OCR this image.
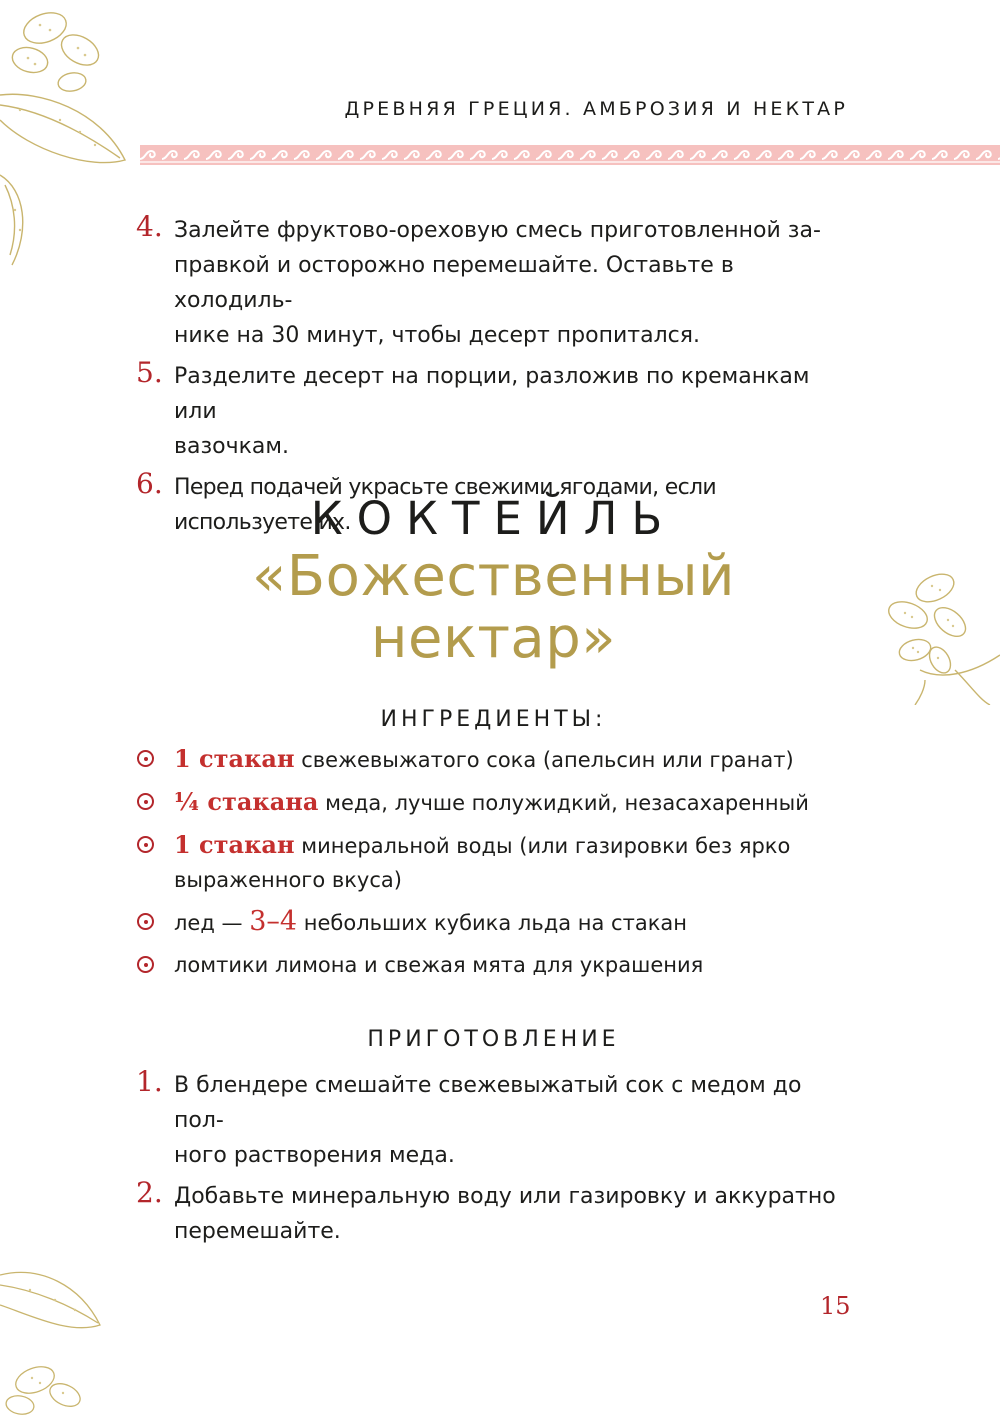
ДРЕВНЯЯ ГРЕЦИЯ. АМБРОЗИЯ И НЕКТАР
4. Залейте фруктово-ореховую смесь приготовленной за-
правкой и осторожно перемешайте. Оставьте в холодиль-
нике на 30 минут, чтобы десерт пропитался.
5. Разделите десерт на порции, разложив по креманкам или
вазочкам.
6. Перед подачей украсьте свежими ягодами, если используете их.
КОКТЕЙЛЬ
«Божественный
нектар»
ИНГРЕДИЕНТЫ:
1 стакан свежевыжатого сока (апельсин или гранат)
¼ стакана меда, лучше полужидкий, незасахаренный
1 стакан минеральной воды (или газировки без ярко
выраженного вкуса)
лед — 3–4 небольших кубика льда на стакан
ломтики лимона и свежая мята для украшения
ПРИГОТОВЛЕНИЕ
1. В блендере смешайте свежевыжатый сок с медом до пол-
ного растворения меда.
2. Добавьте минеральную воду или газировку и аккуратно
перемешайте.
15
